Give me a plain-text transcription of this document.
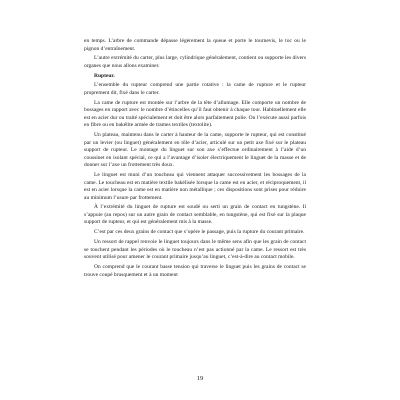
en temps. L’arbre de commande dépasse légèrement la queue et porte le tournevis, le toc ou le pignon d’entraînement.

L’autre extrémité du carter, plus large, cylindrique généralement, contient ou supporte les divers organes que nous allons examiner.

Rupteur.

L’ensemble du rupteur comprend une partie rotative : la came de rupture et le rupteur proprement dit, fixé dans le carter.

La came de rupture est montée sur l’arbre de la tête d’allumage. Elle comporte un nombre de bossages en rapport avec le nombre d’étincelles qu’il faut obtenir à chaque tour. Habituellement elle est en acier dur ou traité spécialement et doit être alors parfaitement polie. On l’exécute aussi parfois en fibre ou en bakélite armée de trames textiles (textolite).

Un plateau, maintenu dans le carter à hauteur de la came, supporte le rupteur, qui est constitué par un levier (ou linguet) généralement en tôle d’acier, articulé sur un petit axe fixé sur le plateau support de rupteur. Le montage du linguet sur son axe s’effectue ordinairement à l’aide d’un coussinet en isolant spécial, ce qui a l’avantage d’isoler électriquement le linguet de la masse et de donner sur l’axe un frottement très doux.

Le linguet est muni d’un toucheau qui viennent attaquer successivement les bossages de la came. Le toucheau est en matière textile bakélisée lorsque la came est en acier, et réciproquement, il est en acier lorsque la came est en matière non métallique ; ces dispositions sont prises pour réduire au minimum l’usure par frottement.

À l’extrémité du linguet de rupture est soudé ou serti un grain de contact en tungstène. Il s’appuie (au repos) sur un autre grain de contact semblable, en tungstène, qui est fixé sur la plaque support de rupteur, et qui est généralement mis à la masse.

C’est par ces deux grains de contact que s’opère le passage, puis la rupture du courant primaire.

Un ressort de rappel renvoie le linguet toujours dans le même sens afin que les grain de contact se touchent pendant les périodes où le toucheau n’est pas actionné par la came. Le ressort est très souvent utilisé pour amener le courant primaire jusqu’au linguet, c’est-à-dire au contact mobile.

On comprend que le courant basse tension qui traverse le linguet puis les grains de contact se trouve coupé brusquement et à un moment

19
